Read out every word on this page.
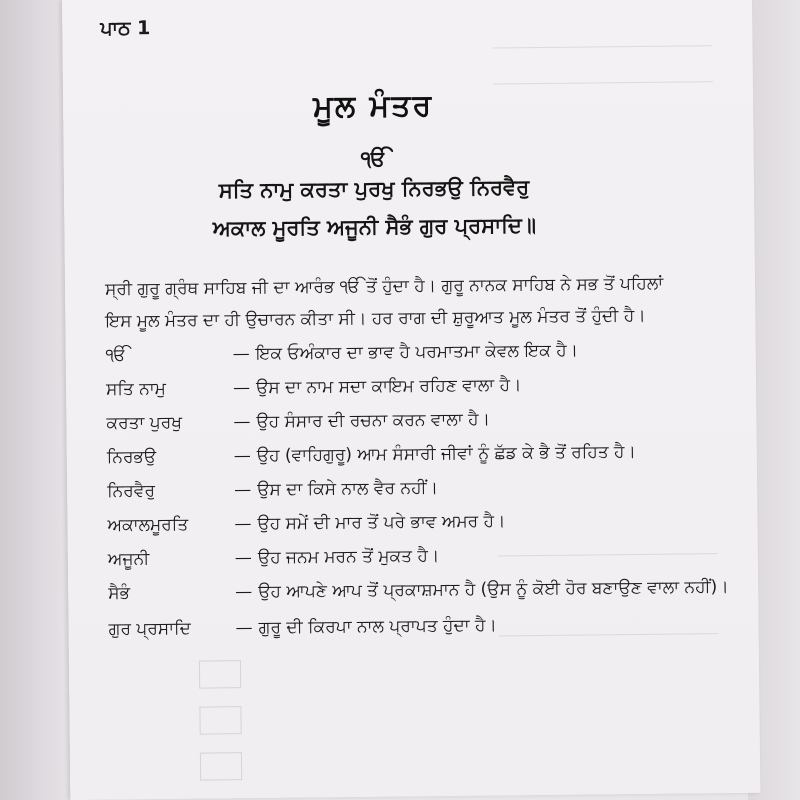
ਪਾਠ 1
ਮੂਲ ਮੰਤਰ
ੴ
ਸਤਿ ਨਾਮੁ ਕਰਤਾ ਪੁਰਖੁ ਨਿਰਭਉ ਨਿਰਵੈਰੁ
ਅਕਾਲ ਮੂਰਤਿ ਅਜੂਨੀ ਸੈਭੰ ਗੁਰ ਪ੍ਰਸਾਦਿ॥
ਸ੍ਰੀ ਗੁਰੂ ਗ੍ਰੰਥ ਸਾਹਿਬ ਜੀ ਦਾ ਆਰੰਭ ੴ ਤੋਂ ਹੁੰਦਾ ਹੈ। ਗੁਰੂ ਨਾਨਕ ਸਾਹਿਬ ਨੇ ਸਭ ਤੋਂ ਪਹਿਲਾਂ
ਇਸ ਮੂਲ ਮੰਤਰ ਦਾ ਹੀ ਉਚਾਰਨ ਕੀਤਾ ਸੀ। ਹਰ ਰਾਗ ਦੀ ਸ਼ੁਰੂਆਤ ਮੂਲ ਮੰਤਰ ਤੋਂ ਹੁੰਦੀ ਹੈ।
ੴ	— ਇਕ ਓਅੰਕਾਰ ਦਾ ਭਾਵ ਹੈ ਪਰਮਾਤਮਾ ਕੇਵਲ ਇਕ ਹੈ।
ਸਤਿ ਨਾਮੁ	— ਉਸ ਦਾ ਨਾਮ ਸਦਾ ਕਾਇਮ ਰਹਿਣ ਵਾਲਾ ਹੈ।
ਕਰਤਾ ਪੁਰਖੁ	— ਉਹ ਸੰਸਾਰ ਦੀ ਰਚਨਾ ਕਰਨ ਵਾਲਾ ਹੈ।
ਨਿਰਭਉ	— ਉਹ (ਵਾਹਿਗੁਰੂ) ਆਮ ਸੰਸਾਰੀ ਜੀਵਾਂ ਨੂੰ ਛੱਡ ਕੇ ਭੈ ਤੋਂ ਰਹਿਤ ਹੈ।
ਨਿਰਵੈਰੁ	— ਉਸ ਦਾ ਕਿਸੇ ਨਾਲ ਵੈਰ ਨਹੀਂ।
ਅਕਾਲਮੂਰਤਿ	— ਉਹ ਸਮੇਂ ਦੀ ਮਾਰ ਤੋਂ ਪਰੇ ਭਾਵ ਅਮਰ ਹੈ।
ਅਜੂਨੀ	— ਉਹ ਜਨਮ ਮਰਨ ਤੋਂ ਮੁਕਤ ਹੈ।
ਸੈਭੰ	— ਉਹ ਆਪਣੇ ਆਪ ਤੋਂ ਪ੍ਰਕਾਸ਼ਮਾਨ ਹੈ (ਉਸ ਨੂੰ ਕੋਈ ਹੋਰ ਬਣਾਉਣ ਵਾਲਾ ਨਹੀਂ)।
ਗੁਰ ਪ੍ਰਸਾਦਿ	— ਗੁਰੂ ਦੀ ਕਿਰਪਾ ਨਾਲ ਪ੍ਰਾਪਤ ਹੁੰਦਾ ਹੈ।
